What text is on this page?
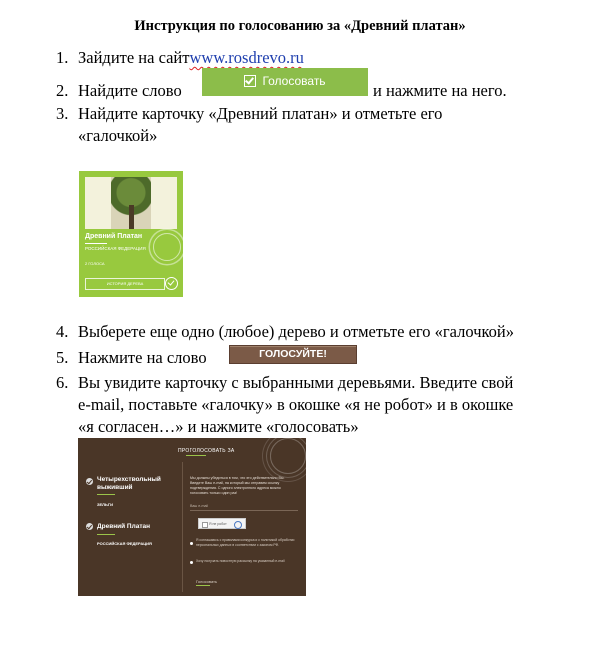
Инструкция по голосованию за «Древний платан»
1. Зайдите на сайтwww.rosdrevo.ru
2. Найдите слово	Голосовать	и нажмите на него.
3. Найдите карточку «Древний платан» и отметьте его
«галочкой»
Древний Платан
РОССИЙСКАЯ ФЕДЕРАЦИЯ
2 ГОЛОСА
ИСТОРИЯ ДЕРЕВА
4. Выберете еще одно (любое) дерево и отметьте его «галочкой»
5. Нажмите на слово	ГОЛОСУЙТЕ!
6. Вы увидите карточку с выбранными деревьями. Введите свой
e-mail, поставьте «галочку» в окошке «я не робот» и в окошке
«я согласен…» и нажмите «голосовать»
ПРОГОЛОСОВАТЬ ЗА
Четырехствольный
выживший
ЗЕЛЬГИ
Древний Платан
РОССИЙСКАЯ ФЕДЕРАЦИЯ
Мы должны убедиться в том, что это действительно Вы. Введите Ваш e-mail, на который мы отправим ссылку подтверждения. С одного электронного адреса можно голосовать только один раз!
Ваш e-mail
Я не робот
Я соглашаюсь с правилами конкурса и с политикой обработки персональных данных в соответствии с законом РФ.
Хочу получать новостную рассылку на указанный e-mail
Голосовать
